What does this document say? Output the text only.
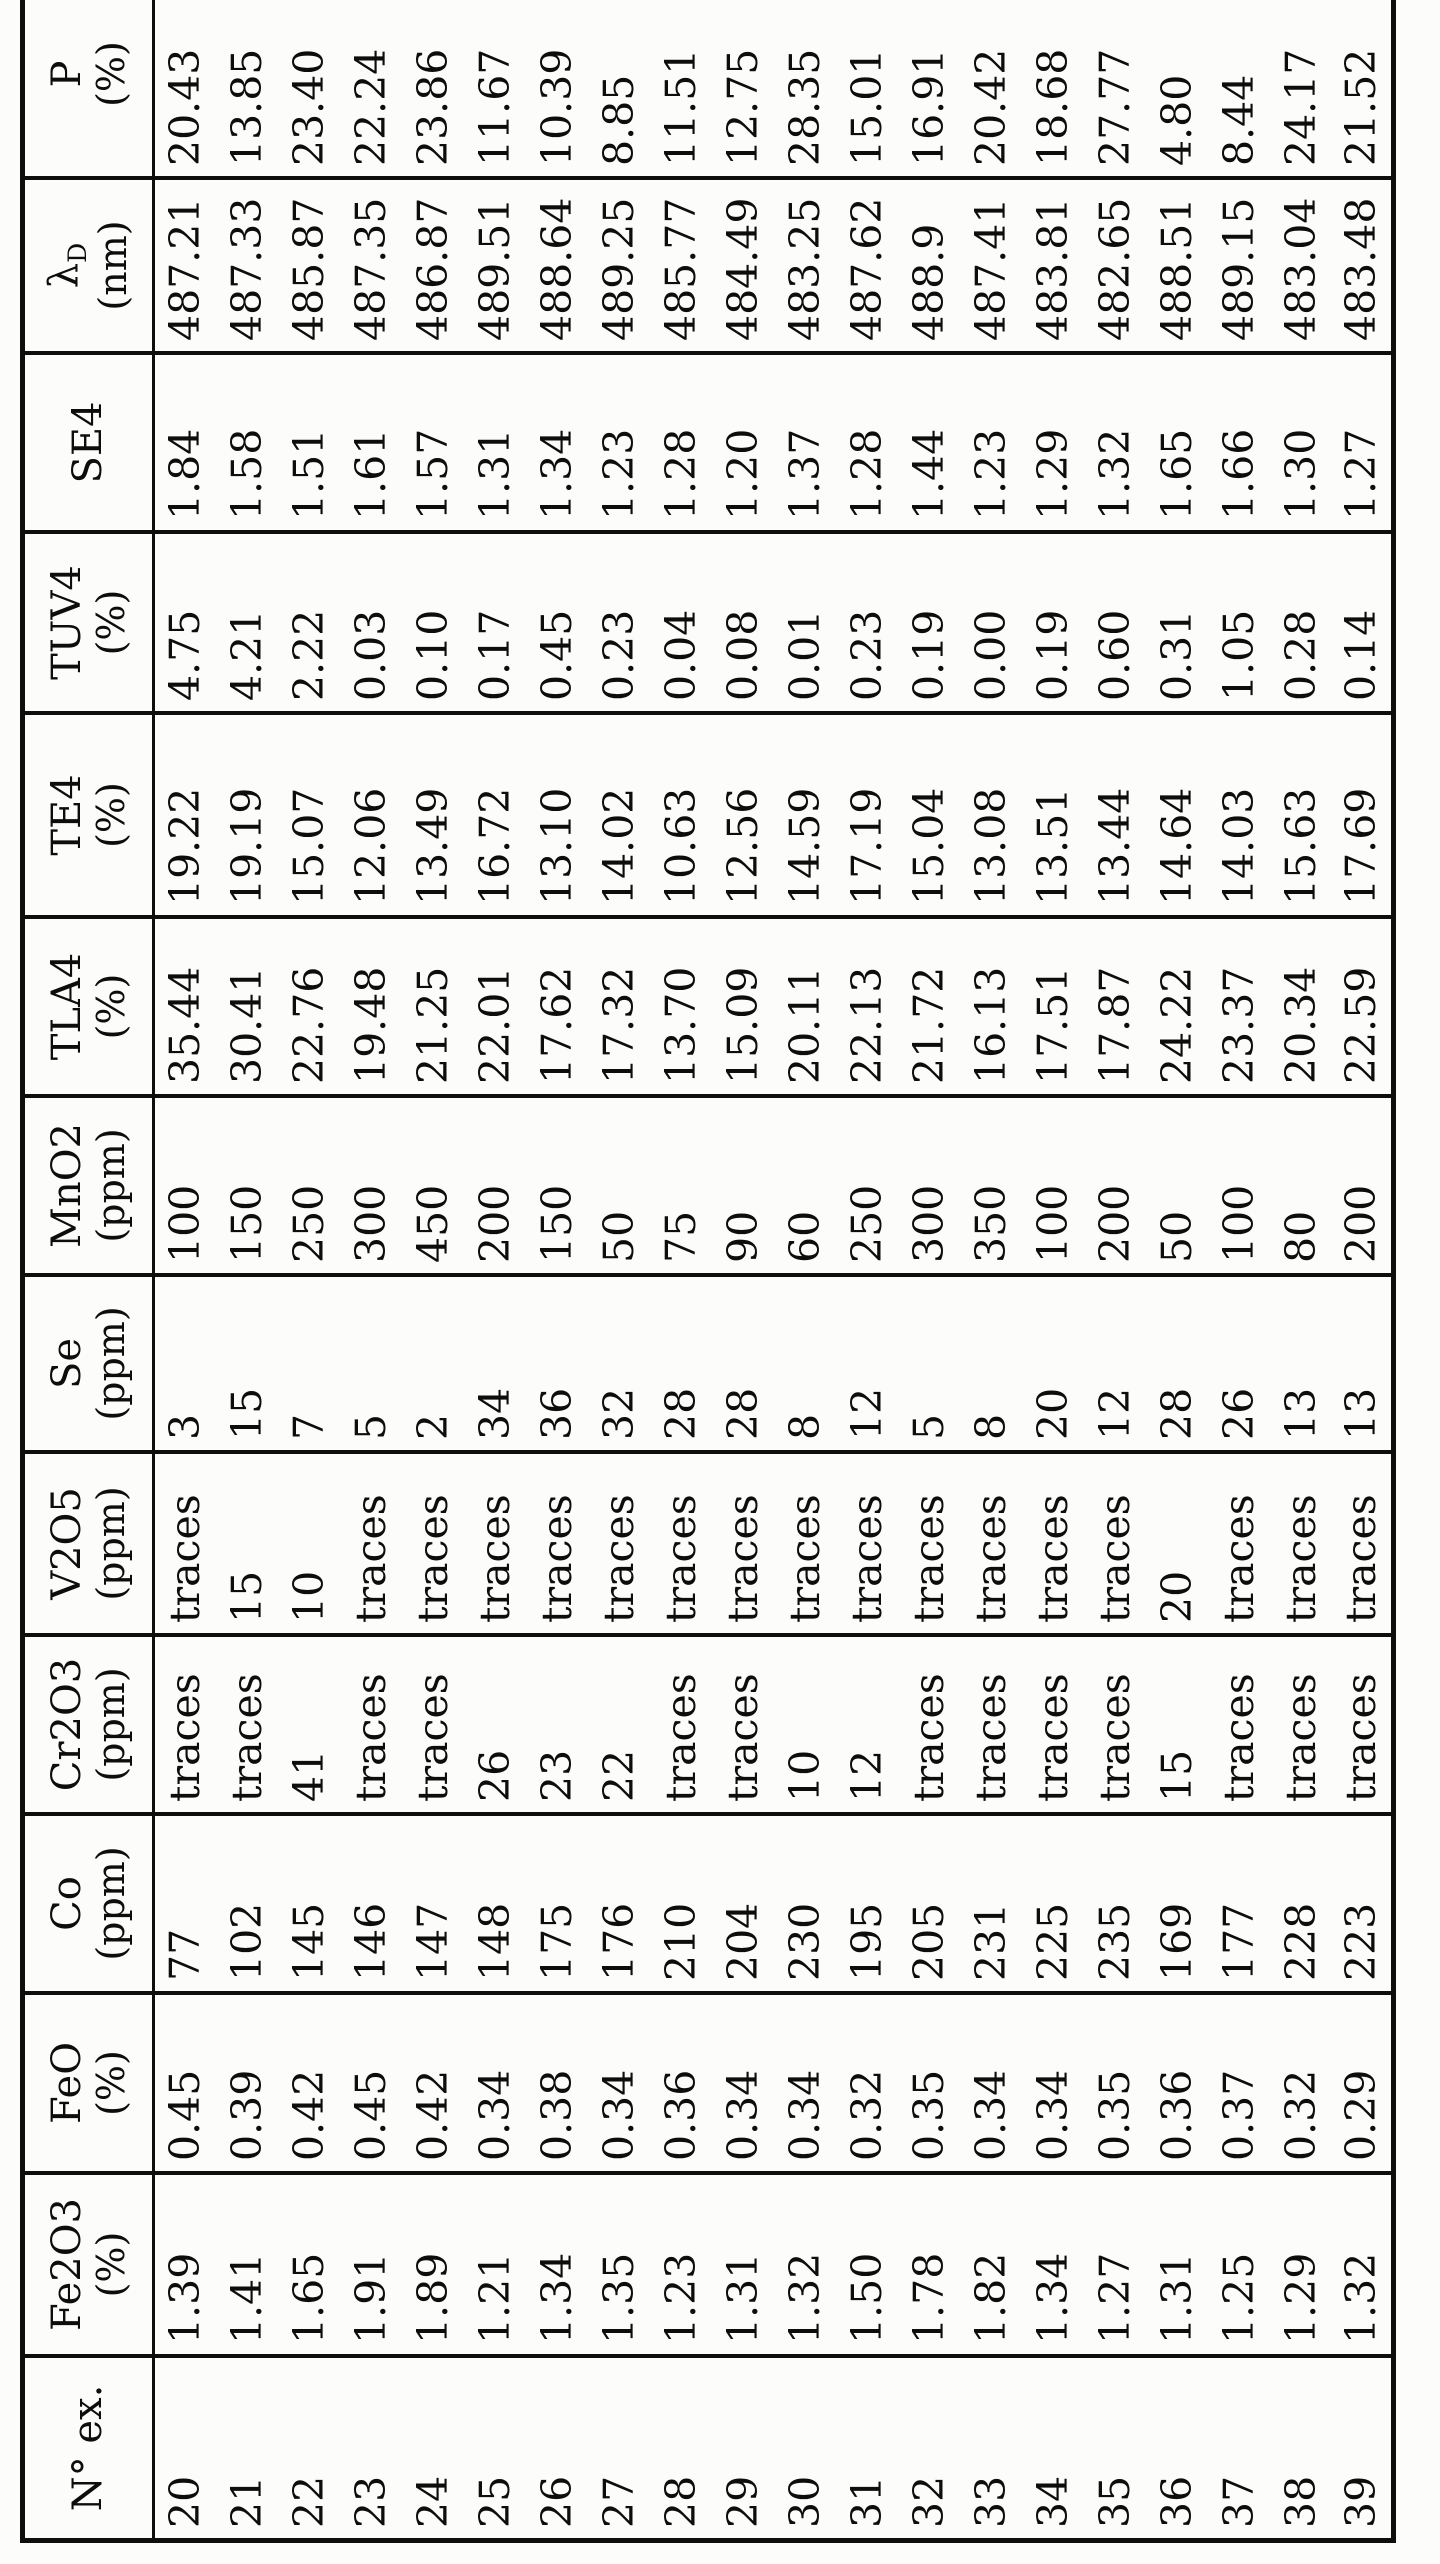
N° ex.

Fe2O3
(%)

FeO
(%)

Co
(ppm)

Cr2O3
(ppm)

V2O5
(ppm)

Se
(ppm)

MnO2
(ppm)

TLA4
(%)

TE4
(%)

TUV4
(%)

SE4

$\lambda_D$ (nm)

P
(%)

20	1.39	0.45	77	traces	traces	3	100	35.44	19.22	4.75	1.84	487.21	20.43
21	1.41	0.39	102	traces	15	15	150	30.41	19.19	4.21	1.58	487.33	13.85
22	1.65	0.42	145	41	10	7	250	22.76	15.07	2.22	1.51	485.87	23.40
23	1.91	0.45	146	traces	traces	5	300	19.48	12.06	0.03	1.61	487.35	22.24
24	1.89	0.42	147	traces	traces	2	450	21.25	13.49	0.10	1.57	486.87	23.86
25	1.21	0.34	148	26	traces	34	200	22.01	16.72	0.17	1.31	489.51	11.67
26	1.34	0.38	175	23	traces	36	150	17.62	13.10	0.45	1.34	488.64	10.39
27	1.35	0.34	176	22	traces	32	50	17.32	14.02	0.23	1.23	489.25	8.85
28	1.23	0.36	210	traces	traces	28	75	13.70	10.63	0.04	1.28	485.77	11.51
29	1.31	0.34	204	traces	traces	28	90	15.09	12.56	0.08	1.20	484.49	12.75
30	1.32	0.34	230	10	traces	8	60	20.11	14.59	0.01	1.37	483.25	28.35
31	1.50	0.32	195	12	traces	12	250	22.13	17.19	0.23	1.28	487.62	15.01
32	1.78	0.35	205	traces	traces	5	300	21.72	15.04	0.19	1.44	488.9	16.91
33	1.82	0.34	231	traces	traces	8	350	16.13	13.08	0.00	1.23	487.41	20.42
34	1.34	0.34	225	traces	traces	20	100	17.51	13.51	0.19	1.29	483.81	18.68
35	1.27	0.35	235	traces	traces	12	200	17.87	13.44	0.60	1.32	482.65	27.77
36	1.31	0.36	169	15	20	28	50	24.22	14.64	0.31	1.65	488.51	4.80
37	1.25	0.37	177	traces	traces	26	100	23.37	14.03	1.05	1.66	489.15	8.44
38	1.29	0.32	228	traces	traces	13	80	20.34	15.63	0.28	1.30	483.04	24.17
39	1.32	0.29	223	traces	traces	13	200	22.59	17.69	0.14	1.27	483.48	21.52
